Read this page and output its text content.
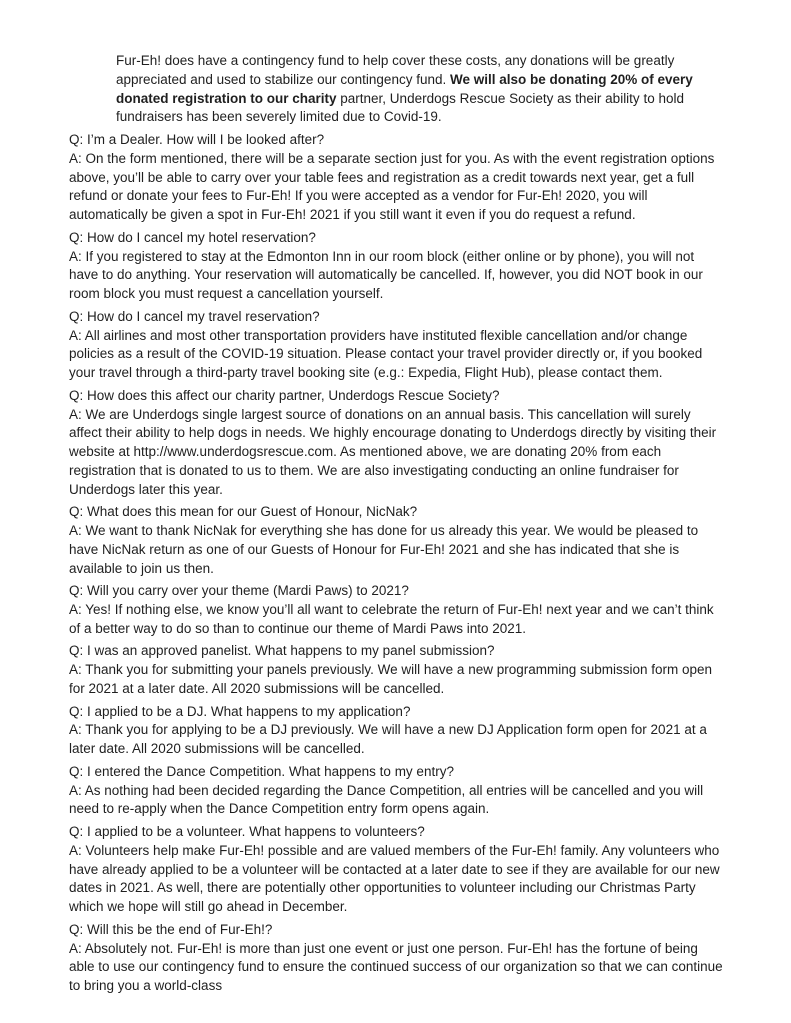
Fur-Eh! does have a contingency fund to help cover these costs, any donations will be greatly appreciated and used to stabilize our contingency fund. We will also be donating 20% of every donated registration to our charity partner, Underdogs Rescue Society as their ability to hold fundraisers has been severely limited due to Covid-19.

Q: I’m a Dealer. How will I be looked after?
A: On the form mentioned, there will be a separate section just for you. As with the event registration options above, you’ll be able to carry over your table fees and registration as a credit towards next year, get a full refund or donate your fees to Fur-Eh! If you were accepted as a vendor for Fur-Eh! 2020, you will automatically be given a spot in Fur-Eh! 2021 if you still want it even if you do request a refund.
Q: How do I cancel my hotel reservation?
A: If you registered to stay at the Edmonton Inn in our room block (either online or by phone), you will not have to do anything. Your reservation will automatically be cancelled. If, however, you did NOT book in our room block you must request a cancellation yourself.
Q: How do I cancel my travel reservation?
A: All airlines and most other transportation providers have instituted flexible cancellation and/or change policies as a result of the COVID-19 situation. Please contact your travel provider directly or, if you booked your travel through a third-party travel booking site (e.g.: Expedia, Flight Hub), please contact them.
Q: How does this affect our charity partner, Underdogs Rescue Society?
A: We are Underdogs single largest source of donations on an annual basis. This cancellation will surely affect their ability to help dogs in needs. We highly encourage donating to Underdogs directly by visiting their website at http://www.underdogsrescue.com. As mentioned above, we are donating 20% from each registration that is donated to us to them. We are also investigating conducting an online fundraiser for Underdogs later this year.
Q: What does this mean for our Guest of Honour, NicNak?
A: We want to thank NicNak for everything she has done for us already this year. We would be pleased to have NicNak return as one of our Guests of Honour for Fur-Eh! 2021 and she has indicated that she is available to join us then.
Q: Will you carry over your theme (Mardi Paws) to 2021?
A: Yes! If nothing else, we know you’ll all want to celebrate the return of Fur-Eh! next year and we can’t think of a better way to do so than to continue our theme of Mardi Paws into 2021.
Q: I was an approved panelist. What happens to my panel submission?
A: Thank you for submitting your panels previously. We will have a new programming submission form open for 2021 at a later date. All 2020 submissions will be cancelled.
Q: I applied to be a DJ. What happens to my application?
A: Thank you for applying to be a DJ previously. We will have a new DJ Application form open for 2021 at a later date. All 2020 submissions will be cancelled.
Q: I entered the Dance Competition. What happens to my entry?
A: As nothing had been decided regarding the Dance Competition, all entries will be cancelled and you will need to re-apply when the Dance Competition entry form opens again.
Q: I applied to be a volunteer. What happens to volunteers?
A: Volunteers help make Fur-Eh! possible and are valued members of the Fur-Eh! family. Any volunteers who have already applied to be a volunteer will be contacted at a later date to see if they are available for our new dates in 2021. As well, there are potentially other opportunities to volunteer including our Christmas Party which we hope will still go ahead in December.
Q: Will this be the end of Fur-Eh!?
A: Absolutely not. Fur-Eh! is more than just one event or just one person. Fur-Eh! has the fortune of being able to use our contingency fund to ensure the continued success of our organization so that we can continue to bring you a world-class
